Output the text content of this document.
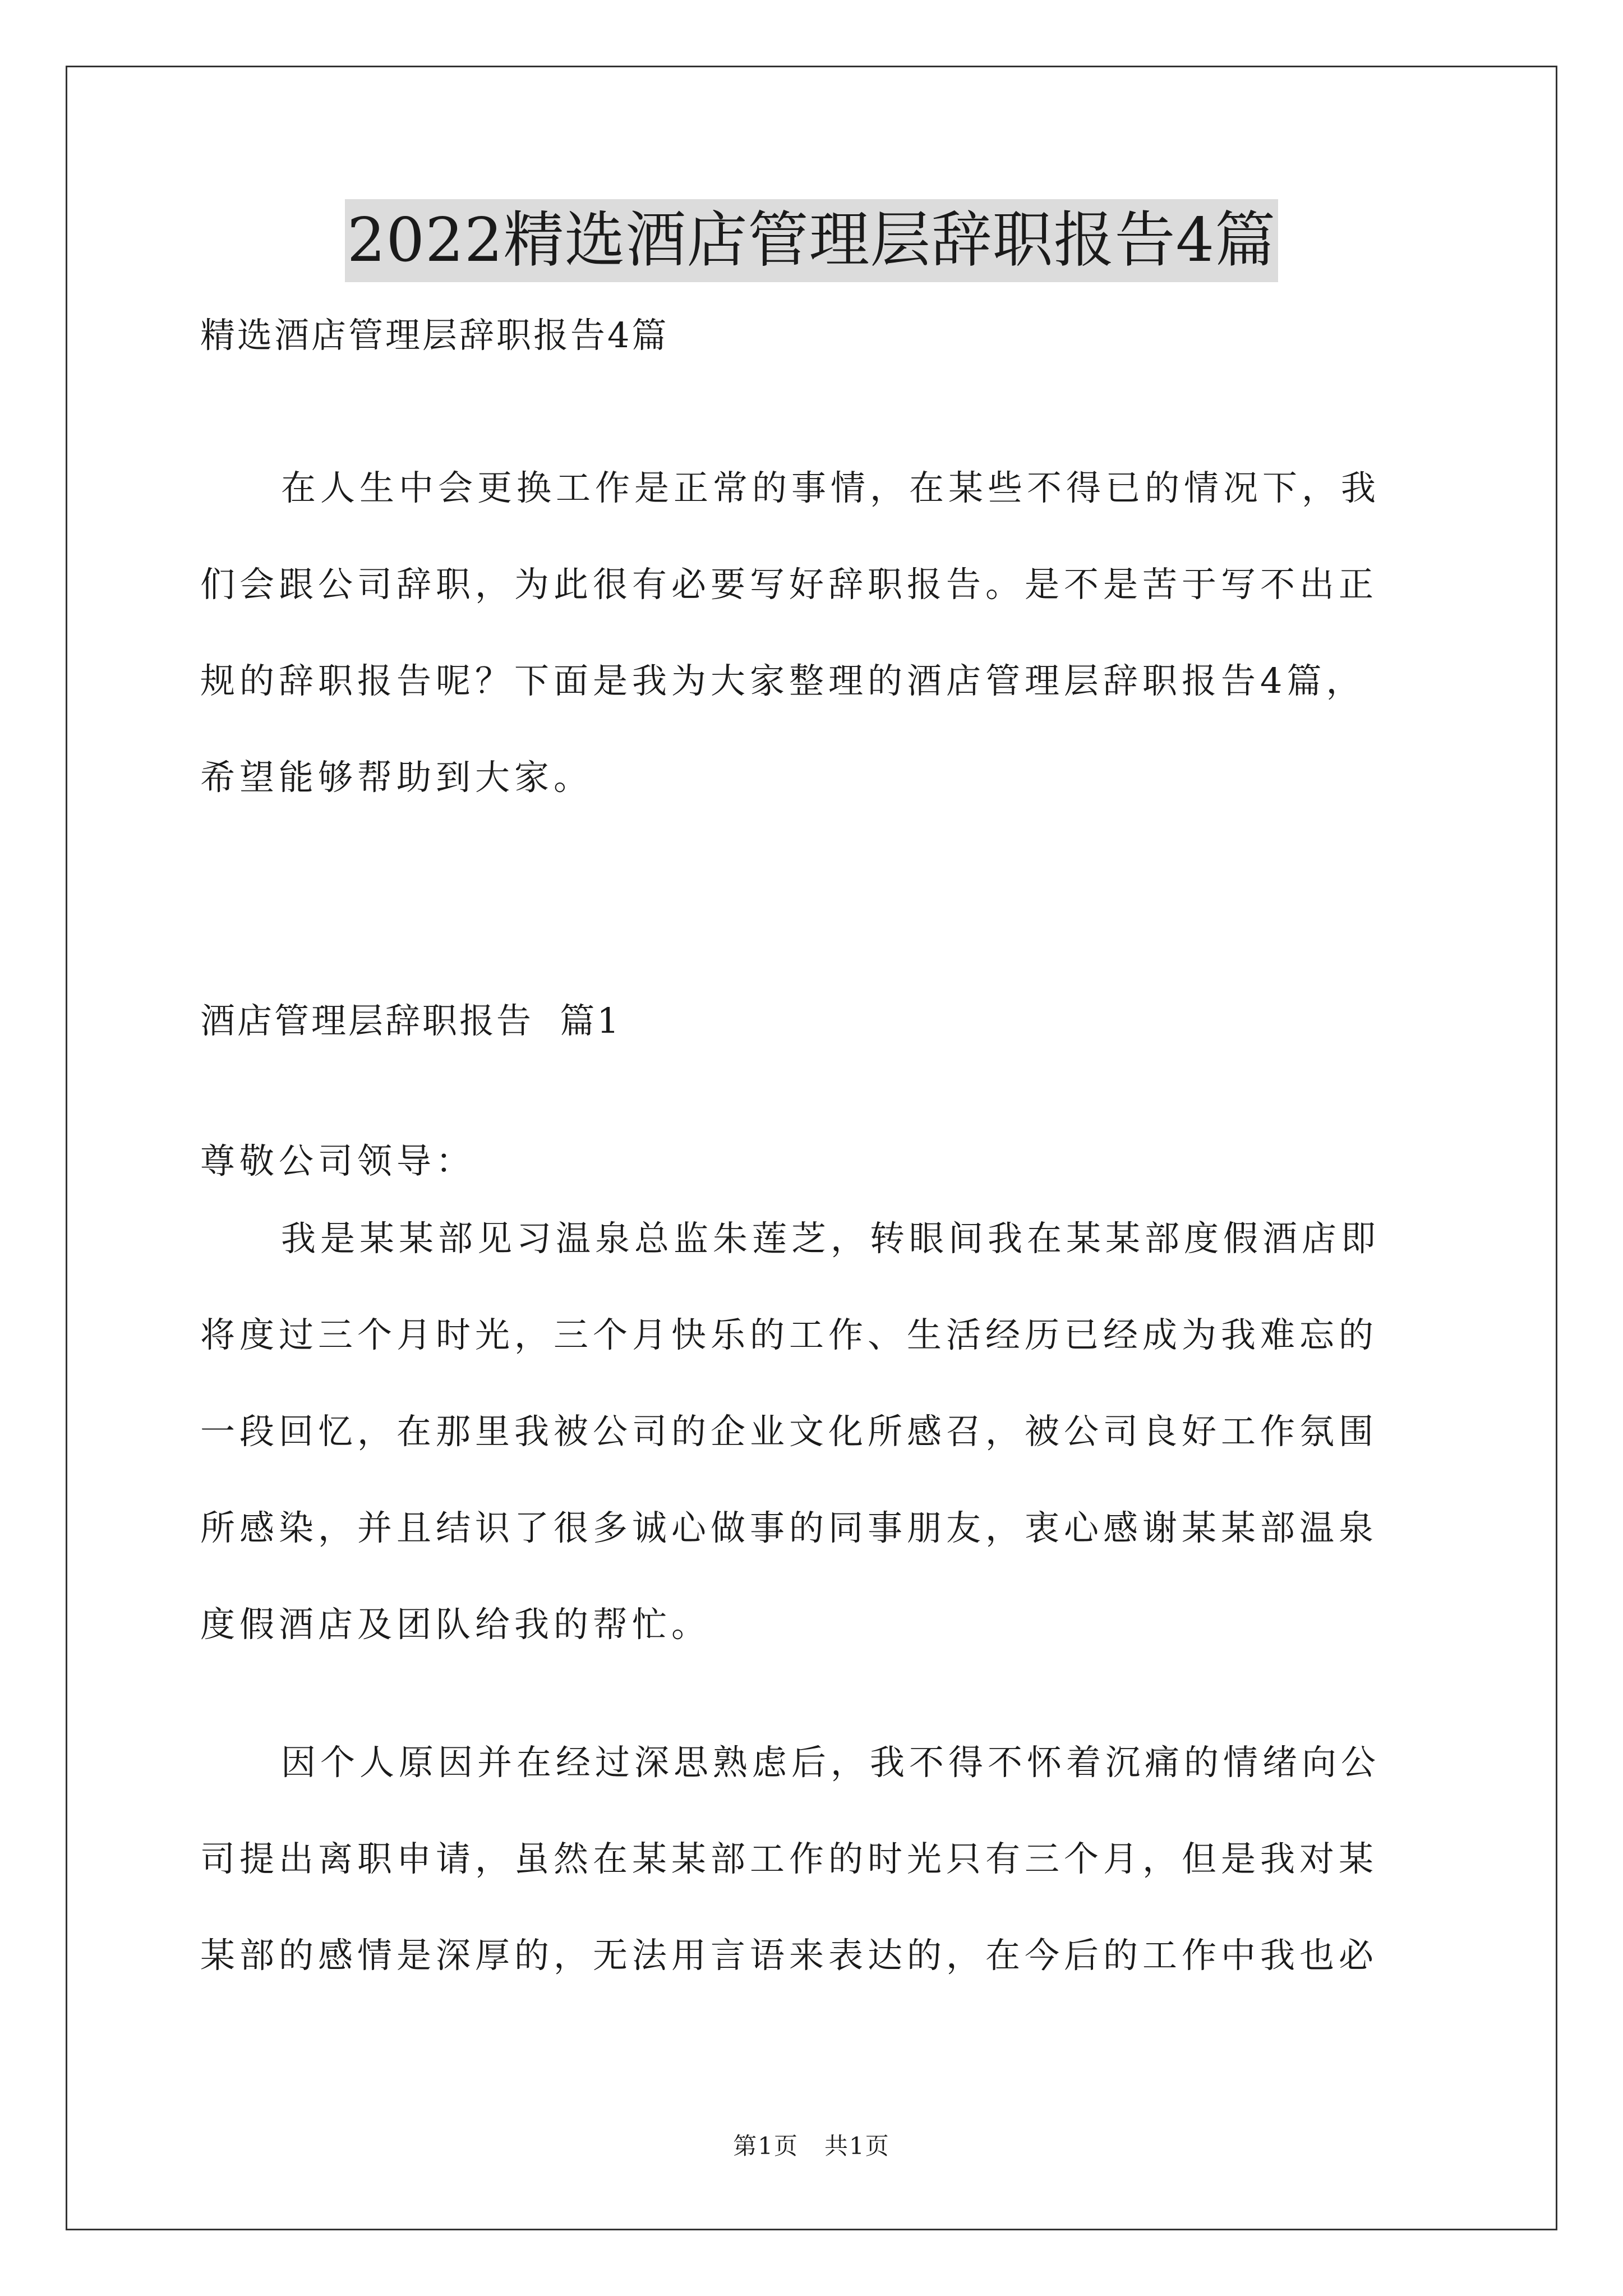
2022精选酒店管理层辞职报告4篇
精选酒店管理层辞职报告4篇
在人生中会更换工作是正常的事情，在某些不得已的情况下，我
们会跟公司辞职，为此很有必要写好辞职报告。是不是苦于写不出正
规的辞职报告呢？下面是我为大家整理的酒店管理层辞职报告4篇，
希望能够帮助到大家。
酒店管理层辞职报告  篇1
尊敬公司领导：
我是某某部见习温泉总监朱莲芝，转眼间我在某某部度假酒店即
将度过三个月时光，三个月快乐的工作、生活经历已经成为我难忘的
一段回忆，在那里我被公司的企业文化所感召，被公司良好工作氛围
所感染，并且结识了很多诚心做事的同事朋友，衷心感谢某某部温泉
度假酒店及团队给我的帮忙。
因个人原因并在经过深思熟虑后，我不得不怀着沉痛的情绪向公
司提出离职申请，虽然在某某部工作的时光只有三个月，但是我对某
某部的感情是深厚的，无法用言语来表达的，在今后的工作中我也必
第1页   共1页
